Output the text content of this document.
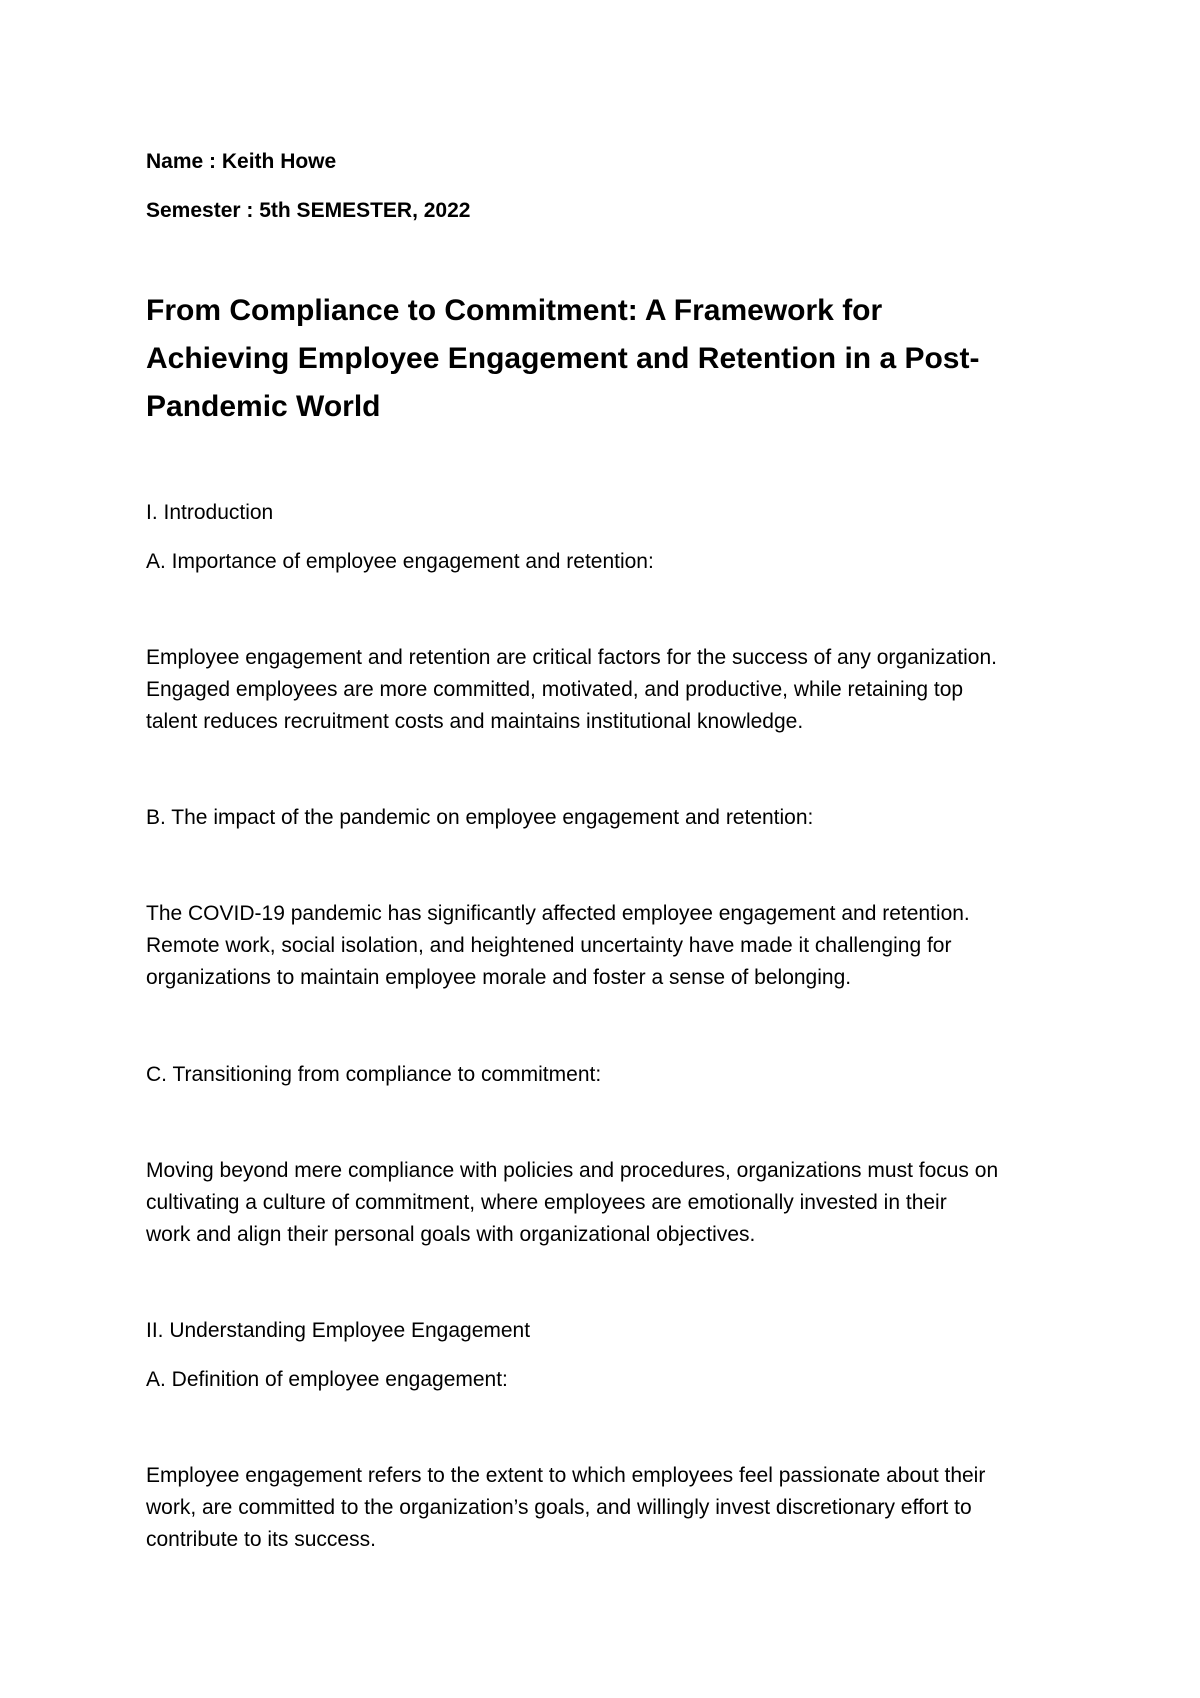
Name : Keith Howe

Semester : 5th SEMESTER, 2022

From Compliance to Commitment: A Framework for
Achieving Employee Engagement and Retention in a Post-
Pandemic World

I. Introduction

A. Importance of employee engagement and retention:

Employee engagement and retention are critical factors for the success of any organization.

Engaged employees are more committed, motivated, and productive, while retaining top

talent reduces recruitment costs and maintains institutional knowledge.

B. The impact of the pandemic on employee engagement and retention:

The COVID-19 pandemic has significantly affected employee engagement and retention.

Remote work, social isolation, and heightened uncertainty have made it challenging for

organizations to maintain employee morale and foster a sense of belonging.

C. Transitioning from compliance to commitment:

Moving beyond mere compliance with policies and procedures, organizations must focus on

cultivating a culture of commitment, where employees are emotionally invested in their

work and align their personal goals with organizational objectives.

II. Understanding Employee Engagement

A. Definition of employee engagement:

Employee engagement refers to the extent to which employees feel passionate about their

work, are committed to the organization’s goals, and willingly invest discretionary effort to

contribute to its success.
